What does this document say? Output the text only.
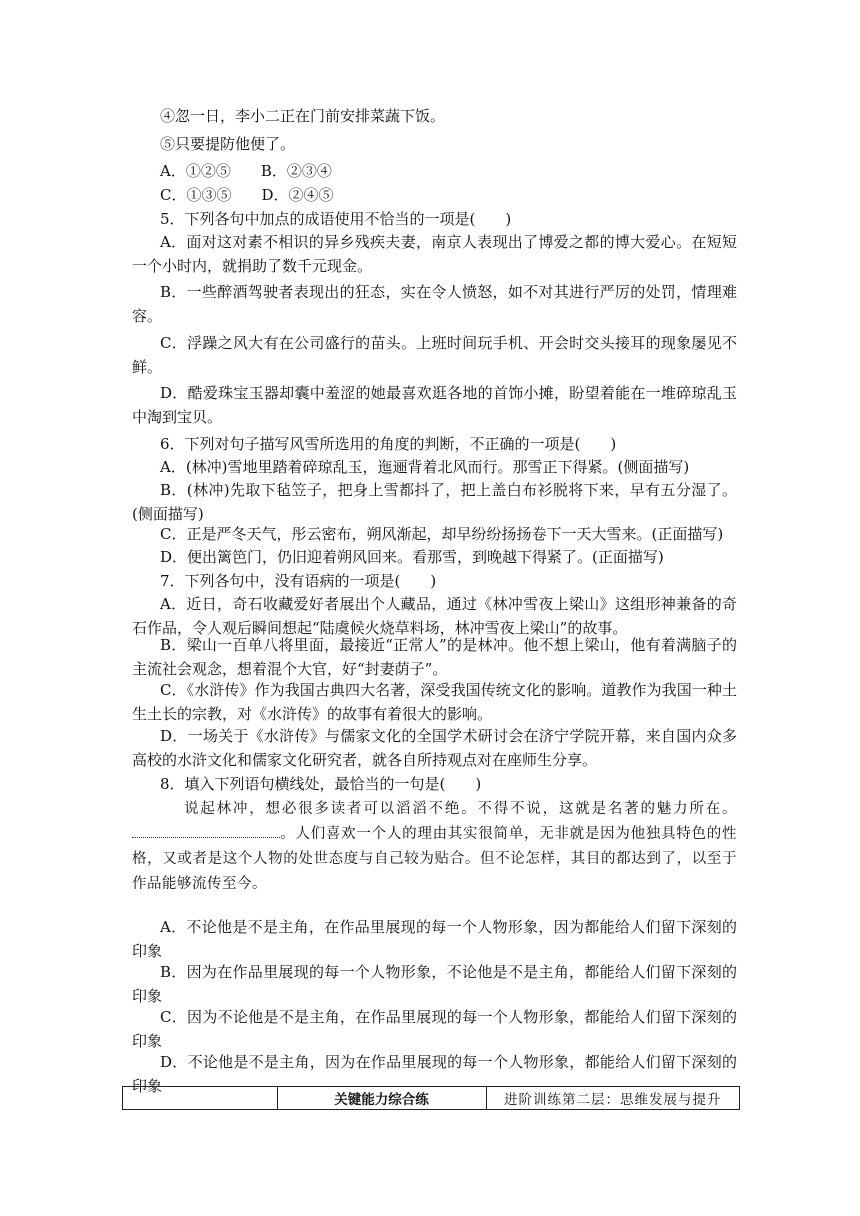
④忽一日，李小二正在门前安排菜蔬下饭。
⑤只要提防他便了。
A．①②⑤　　B．②③④
C．①③⑤　　D．②④⑤
5．下列各句中加点的成语使用不恰当的一项是(　　)
A．面对这对素不相识的异乡残疾夫妻，南京人表现出了博爱之都的博大爱心。在短短一个小时内，就捐助了数千元现金。
B．一些醉酒驾驶者表现出的狂态，实在令人愤怒，如不对其进行严厉的处罚，情理难容。
C．浮躁之风大有在公司盛行的苗头。上班时间玩手机、开会时交头接耳的现象屡见不鲜。
D．酷爱珠宝玉器却囊中羞涩的她最喜欢逛各地的首饰小摊，盼望着能在一堆碎琼乱玉中淘到宝贝。
6．下列对句子描写风雪所选用的角度的判断，不正确的一项是(　　)
A．(林冲)雪地里踏着碎琼乱玉，迤逦背着北风而行。那雪正下得紧。(侧面描写)
B．(林冲)先取下毡笠子，把身上雪都抖了，把上盖白布衫脱将下来，早有五分湿了。(侧面描写)
C．正是严冬天气，彤云密布，朔风渐起，却早纷纷扬扬卷下一天大雪来。(正面描写)
D．便出篱笆门，仍旧迎着朔风回来。看那雪，到晚越下得紧了。(正面描写)
7．下列各句中，没有语病的一项是(　　)
A．近日，奇石收藏爱好者展出个人藏品，通过《林冲雪夜上梁山》这组形神兼备的奇石作品，令人观后瞬间想起“陆虞候火烧草料场，林冲雪夜上梁山”的故事。
B．梁山一百单八将里面，最接近“正常人”的是林冲。他不想上梁山，他有着满脑子的主流社会观念，想着混个大官，好“封妻荫子”。
C．《水浒传》作为我国古典四大名著，深受我国传统文化的影响。道教作为我国一种土生土长的宗教，对《水浒传》的故事有着很大的影响。
D．一场关于《水浒传》与儒家文化的全国学术研讨会在济宁学院开幕，来自国内众多高校的水浒文化和儒家文化研究者，就各自所持观点对在座师生分享。
8．填入下列语句横线处，最恰当的一句是(　　)
说起林冲，想必很多读者可以滔滔不绝。不得不说，这就是名著的魅力所在。。人们喜欢一个人的理由其实很简单，无非就是因为他独具特色的性格，又或者是这个人物的处世态度与自己较为贴合。但不论怎样，其目的都达到了，以至于作品能够流传至今。
A．不论他是不是主角，在作品里展现的每一个人物形象，因为都能给人们留下深刻的印象
B．因为在作品里展现的每一个人物形象，不论他是不是主角，都能给人们留下深刻的印象
C．因为不论他是不是主角，在作品里展现的每一个人物形象，都能给人们留下深刻的印象
D．不论他是不是主角，因为在作品里展现的每一个人物形象，都能给人们留下深刻的印象
	关键能力综合练	进阶训练第二层：思维发展与提升
